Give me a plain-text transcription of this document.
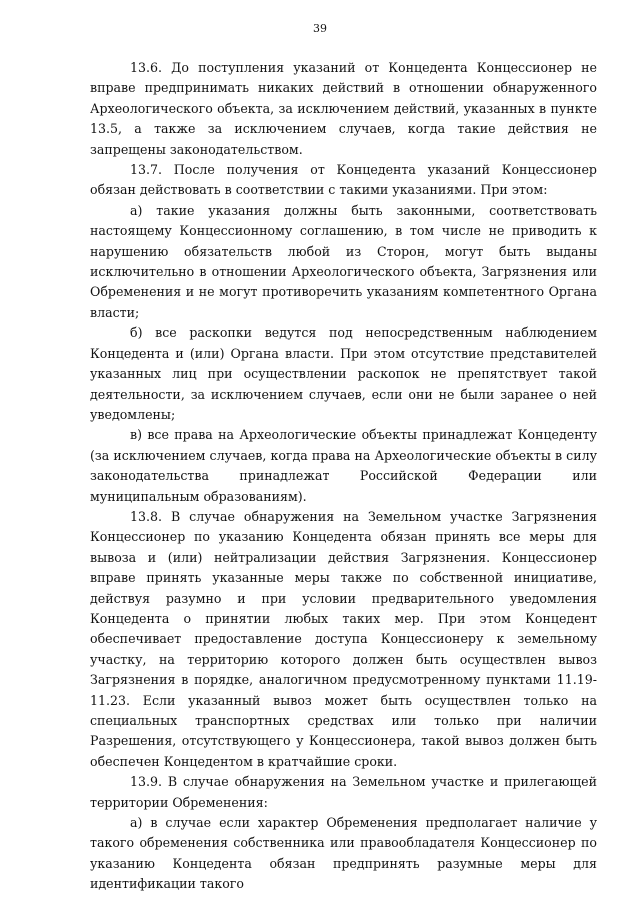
39

13.6. До поступления указаний от Концедента Концессионер не вправе предпринимать никаких действий в отношении обнаруженного Археологического объекта, за исключением действий, указанных в пункте 13.5, а также за исключением случаев, когда такие действия не запрещены законодательством.

13.7. После получения от Концедента указаний Концессионер обязан действовать в соответствии с такими указаниями. При этом:

а) такие указания должны быть законными, соответствовать настоящему Концессионному соглашению, в том числе не приводить к нарушению обязательств любой из Сторон, могут быть выданы исключительно в отношении Археологического объекта, Загрязнения или Обременения и не могут противоречить указаниям компетентного Органа власти;

б) все раскопки ведутся под непосредственным наблюдением Концедента и (или) Органа власти. При этом отсутствие представителей указанных лиц при осуществлении раскопок не препятствует такой деятельности, за исключением случаев, если они не были заранее о ней уведомлены;

в) все права на Археологические объекты принадлежат Концеденту (за исключением случаев, когда права на Археологические объекты в силу законодательства принадлежат Российской Федерации или муниципальным образованиям).

13.8. В случае обнаружения на Земельном участке Загрязнения Концессионер по указанию Концедента обязан принять все меры для вывоза и (или) нейтрализации действия Загрязнения. Концессионер вправе принять указанные меры также по собственной инициативе, действуя разумно и при условии предварительного уведомления Концедента о принятии любых таких мер. При этом Концедент обеспечивает предоставление доступа Концессионеру к земельному участку, на территорию которого должен быть осуществлен вывоз Загрязнения в порядке, аналогичном предусмотренному пунктами 11.19-11.23. Если указанный вывоз может быть осуществлен только на специальных транспортных средствах или только при наличии Разрешения, отсутствующего у Концессионера, такой вывоз должен быть обеспечен Концедентом в кратчайшие сроки.

13.9. В случае обнаружения на Земельном участке и прилегающей территории Обременения:

а) в случае если характер Обременения предполагает наличие у такого обременения собственника или правообладателя Концессионер по указанию Концедента обязан предпринять разумные меры для идентификации такого
